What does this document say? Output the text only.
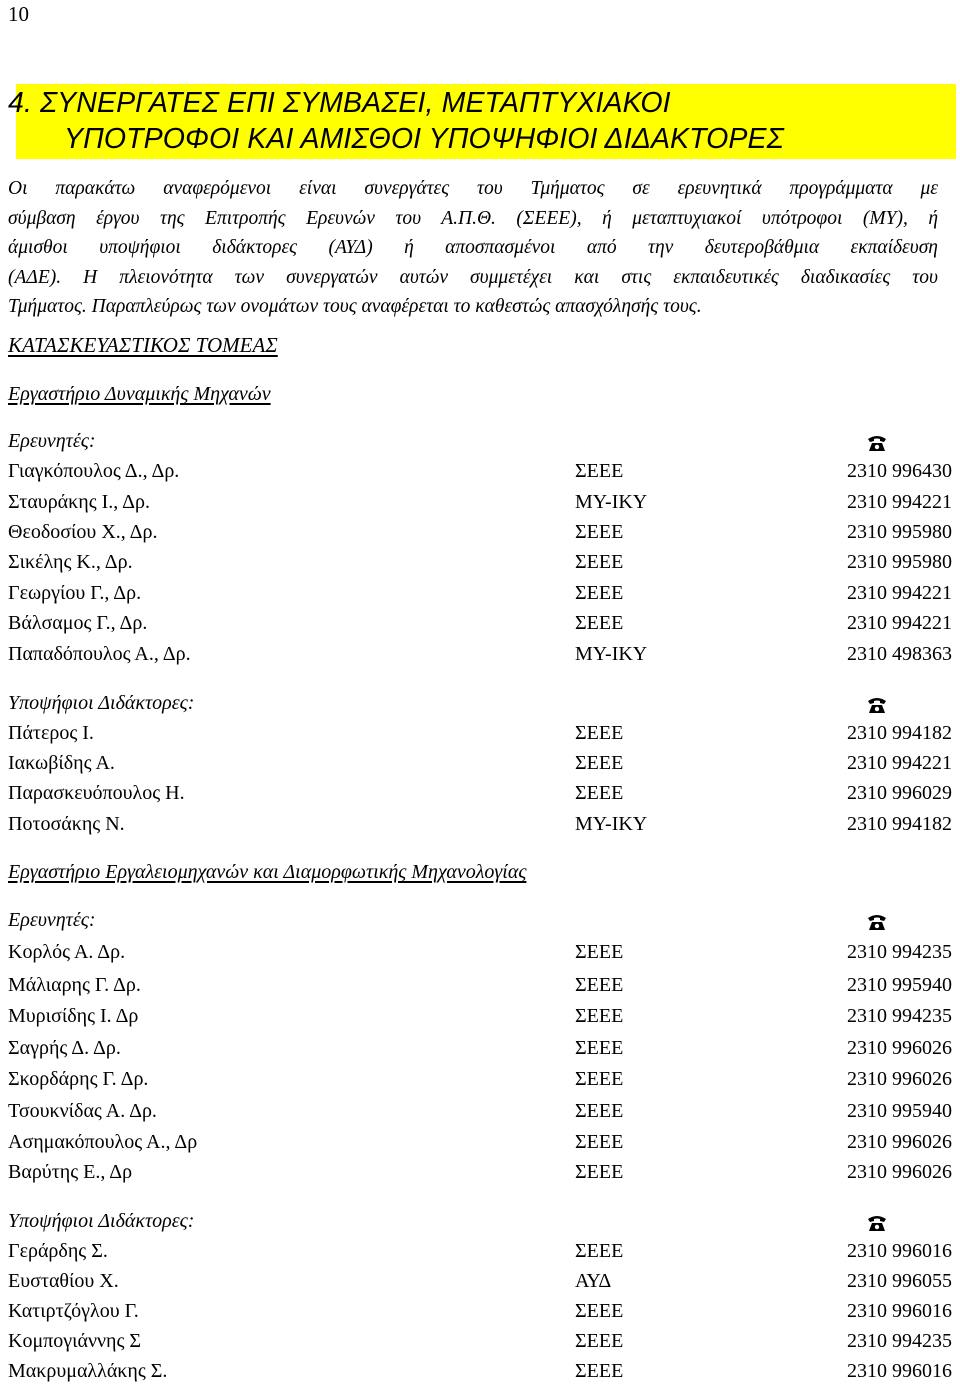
10
4. ΣΥΝΕΡΓΑΤΕΣ ΕΠΙ ΣΥΜΒΑΣΕΙ, ΜΕΤΑΠΤΥΧΙΑΚΟΙ
ΥΠΟΤΡΟΦΟΙ ΚΑΙ ΑΜΙΣΘΟΙ ΥΠΟΨΗΦΙΟΙ ΔΙΔΑΚΤΟΡΕΣ
Οι παρακάτω αναφερόμενοι είναι συνεργάτες του Τμήματος σε ερευνητικά προγράμματα με
σύμβαση έργου της Επιτροπής Ερευνών του Α.Π.Θ. (ΣΕΕΕ), ή μεταπτυχιακοί υπότροφοι (ΜΥ), ή
άμισθοι υποψήφιοι διδάκτορες (ΑΥΔ) ή αποσπασμένοι από την δευτεροβάθμια εκπαίδευση
(ΑΔΕ). Η πλειονότητα των συνεργατών αυτών συμμετέχει και στις εκπαιδευτικές διαδικασίες του
Τμήματος. Παραπλεύρως των ονομάτων τους αναφέρεται το καθεστώς απασχόλησής τους.
ΚΑΤΑΣΚΕΥΑΣΤΙΚΟΣ ΤΟΜΕΑΣ
Εργαστήριο Δυναμικής Μηχανών
Ερευνητές:
Γιαγκόπουλος Δ., Δρ.	ΣΕΕΕ	2310 996430
Σταυράκης Ι., Δρ.	ΜΥ-ΙΚΥ	2310 994221
Θεοδοσίου Χ., Δρ.	ΣΕΕΕ	2310 995980
Σικέλης Κ., Δρ.	ΣΕΕΕ	2310 995980
Γεωργίου Γ., Δρ.	ΣΕΕΕ	2310 994221
Βάλσαμος Γ., Δρ.	ΣΕΕΕ	2310 994221
Παπαδόπουλος Α., Δρ.	ΜΥ-ΙΚΥ	2310 498363
Υποψήφιοι Διδάκτορες:
Πάτερος Ι.	ΣΕΕΕ	2310 994182
Ιακωβίδης Α.	ΣΕΕΕ	2310 994221
Παρασκευόπουλος Η.	ΣΕΕΕ	2310 996029
Ποτοσάκης Ν.	ΜΥ-ΙΚΥ	2310 994182
Εργαστήριο Εργαλειομηχανών και Διαμορφωτικής Μηχανολογίας
Ερευνητές:
Κορλός Α. Δρ.	ΣΕΕΕ	2310 994235
Μάλιαρης Γ. Δρ.	ΣΕΕΕ	2310 995940
Μυρισίδης Ι. Δρ	ΣΕΕΕ	2310 994235
Σαγρής Δ. Δρ.	ΣΕΕΕ	2310 996026
Σκορδάρης Γ. Δρ.	ΣΕΕΕ	2310 996026
Τσουκνίδας Α. Δρ.	ΣΕΕΕ	2310 995940
Ασημακόπουλος Α., Δρ	ΣΕΕΕ	2310 996026
Βαρύτης Ε., Δρ	ΣΕΕΕ	2310 996026
Υποψήφιοι Διδάκτορες:
Γεράρδης Σ.	ΣΕΕΕ	2310 996016
Ευσταθίου Χ.	ΑΥΔ	2310 996055
Κατιρτζόγλου Γ.	ΣΕΕΕ	2310 996016
Κομπογιάννης Σ	ΣΕΕΕ	2310 994235
Μακρυμαλλάκης Σ.	ΣΕΕΕ	2310 996016
